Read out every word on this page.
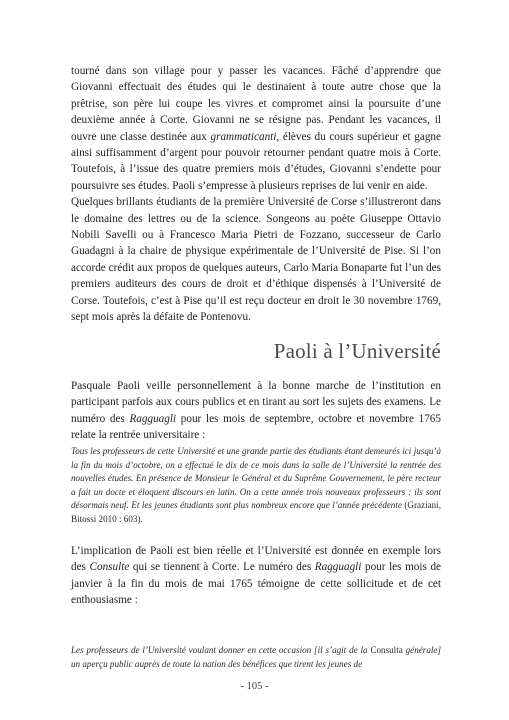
tourné dans son village pour y passer les vacances. Fâché d’apprendre que Giovanni effectuait des études qui le destinaient à toute autre chose que la prêtrise, son père lui coupe les vivres et compromet ainsi la poursuite d’une deuxième année à Corte. Giovanni ne se résigne pas. Pendant les vacances, il ouvre une classe destinée aux grammaticanti, élèves du cours supérieur et gagne ainsi suffisamment d’argent pour pouvoir retourner pendant quatre mois à Corte. Toutefois, à l’issue des quatre premiers mois d’études, Giovanni s’endette pour poursuivre ses études. Paoli s’empresse à plusieurs reprises de lui venir en aide.

Quelques brillants étudiants de la première Université de Corse s’illustreront dans le domaine des lettres ou de la science. Songeons au poète Giuseppe Ottavio Nobili Savelli ou à Francesco Maria Pietri de Fozzano, successeur de Carlo Guadagni à la chaire de physique expérimentale de l’Université de Pise. Si l’on accorde crédit aux propos de quelques auteurs, Carlo Maria Bonaparte fut l’un des premiers auditeurs des cours de droit et d’éthique dispensés à l’Université de Corse. Toutefois, c’est à Pise qu’il est reçu docteur en droit le 30 novembre 1769, sept mois après la défaite de Pontenovu.

Paoli à l’Université

Pasquale Paoli veille personnellement à la bonne marche de l’institution en participant parfois aux cours publics et en tirant au sort les sujets des examens. Le numéro des Ragguagli pour les mois de septembre, octobre et novembre 1765 relate la rentrée universitaire :

Tous les professeurs de cette Université et une grande partie des étudiants étant demeurés ici jusqu’à la fin du mois d’octobre, on a effectué le dix de ce mois dans la salle de l’Université la rentrée des nouvelles études. En présence de Monsieur le Général et du Suprême Gouvernement, le père recteur a fait un docte et éloquent discours en latin. On a cette année trois nouveaux professeurs : ils sont désormais neuf. Et les jeunes étudiants sont plus nombreux encore que l’année précédente (Graziani, Bitossi 2010 : 603).

L’implication de Paoli est bien réelle et l’Université est donnée en exemple lors des Consulte qui se tiennent à Corte. Le numéro des Ragguagli pour les mois de janvier à la fin du mois de mai 1765 témoigne de cette sollicitude et de cet enthousiasme :

Les professeurs de l’Université voulant donner en cette occasion [il s’agit de la Consulta générale] un aperçu public auprès de toute la nation des bénéfices que tirent les jeunes de
- 105 -
